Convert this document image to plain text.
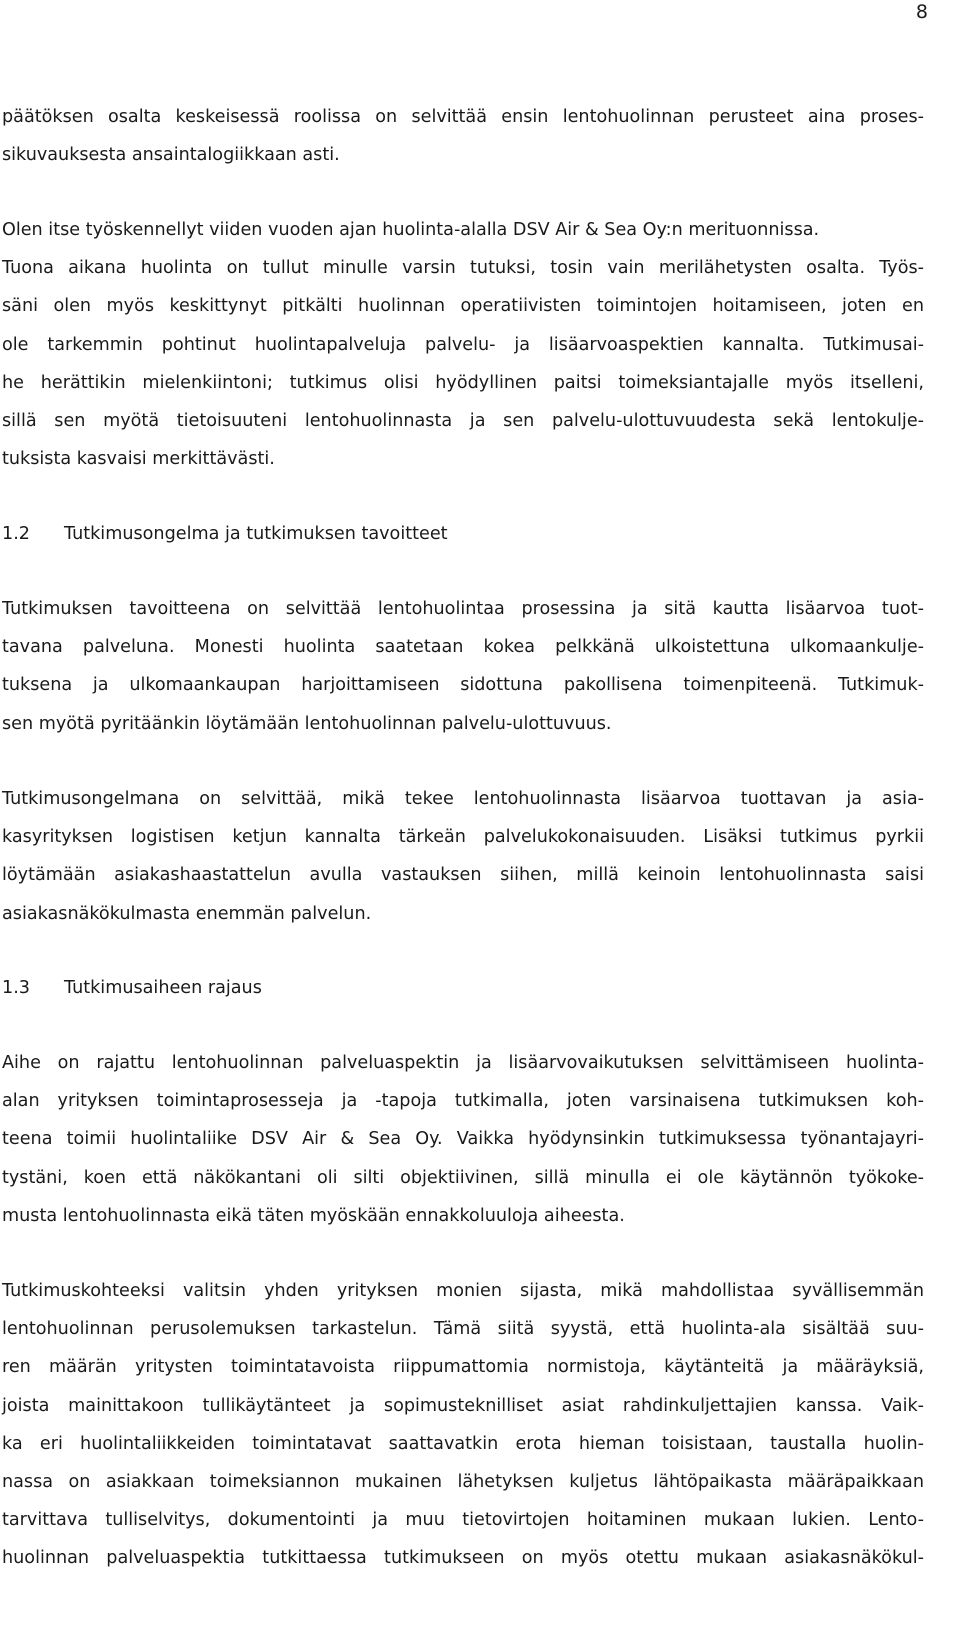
8
päätöksen osalta keskeisessä roolissa on selvittää ensin lentohuolinnan perusteet aina proses-
sikuvauksesta ansaintalogiikkaan asti.
Olen itse työskennellyt viiden vuoden ajan huolinta-alalla DSV Air & Sea Oy:n merituonnissa.
Tuona aikana huolinta on tullut minulle varsin tutuksi, tosin vain merilähetysten osalta. Työs-
säni olen myös keskittynyt pitkälti huolinnan operatiivisten toimintojen hoitamiseen, joten en
ole tarkemmin pohtinut huolintapalveluja palvelu- ja lisäarvoaspektien kannalta. Tutkimusai-
he herättikin mielenkiintoni; tutkimus olisi hyödyllinen paitsi toimeksiantajalle myös itselleni,
sillä sen myötä tietoisuuteni lentohuolinnasta ja sen palvelu-ulottuvuudesta sekä lentokulje-
tuksista kasvaisi merkittävästi.
1.2 Tutkimusongelma ja tutkimuksen tavoitteet
Tutkimuksen tavoitteena on selvittää lentohuolintaa prosessina ja sitä kautta lisäarvoa tuot-
tavana palveluna. Monesti huolinta saatetaan kokea pelkkänä ulkoistettuna ulkomaankulje-
tuksena ja ulkomaankaupan harjoittamiseen sidottuna pakollisena toimenpiteenä. Tutkimuk-
sen myötä pyritäänkin löytämään lentohuolinnan palvelu-ulottuvuus.
Tutkimusongelmana on selvittää, mikä tekee lentohuolinnasta lisäarvoa tuottavan ja asia-
kasyrityksen logistisen ketjun kannalta tärkeän palvelukokonaisuuden. Lisäksi tutkimus pyrkii
löytämään asiakashaastattelun avulla vastauksen siihen, millä keinoin lentohuolinnasta saisi
asiakasnäkökulmasta enemmän palvelun.
1.3 Tutkimusaiheen rajaus
Aihe on rajattu lentohuolinnan palveluaspektin ja lisäarvovaikutuksen selvittämiseen huolinta-
alan yrityksen toimintaprosesseja ja -tapoja tutkimalla, joten varsinaisena tutkimuksen koh-
teena toimii huolintaliike DSV Air & Sea Oy. Vaikka hyödynsinkin tutkimuksessa työnantajayri-
tystäni, koen että näkökantani oli silti objektiivinen, sillä minulla ei ole käytännön työkoke-
musta lentohuolinnasta eikä täten myöskään ennakkoluuloja aiheesta.
Tutkimuskohteeksi valitsin yhden yrityksen monien sijasta, mikä mahdollistaa syvällisemmän
lentohuolinnan perusolemuksen tarkastelun. Tämä siitä syystä, että huolinta-ala sisältää suu-
ren määrän yritysten toimintatavoista riippumattomia normistoja, käytänteitä ja määräyksiä,
joista mainittakoon tullikäytänteet ja sopimusteknilliset asiat rahdinkuljettajien kanssa. Vaik-
ka eri huolintaliikkeiden toimintatavat saattavatkin erota hieman toisistaan, taustalla huolin-
nassa on asiakkaan toimeksiannon mukainen lähetyksen kuljetus lähtöpaikasta määräpaikkaan
tarvittava tulliselvitys, dokumentointi ja muu tietovirtojen hoitaminen mukaan lukien. Lento-
huolinnan palveluaspektia tutkittaessa tutkimukseen on myös otettu mukaan asiakasnäkökul-
